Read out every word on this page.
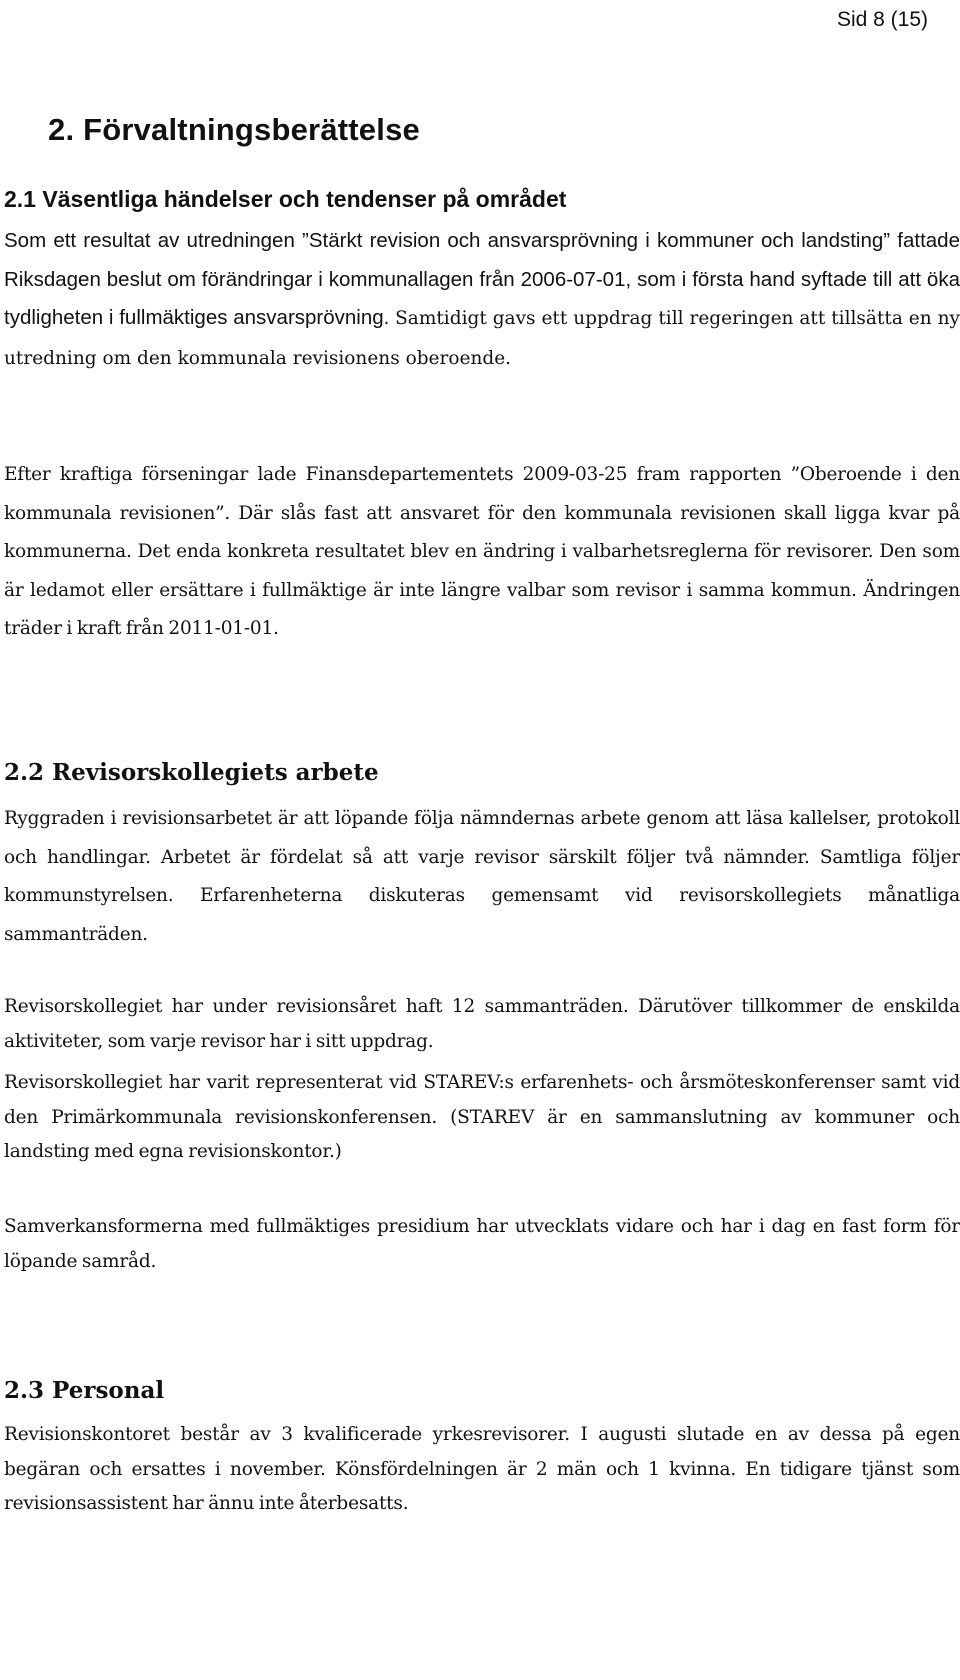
Sid 8 (15)
2. Förvaltningsberättelse
2.1 Väsentliga händelser och tendenser på området

Som ett resultat av utredningen ”Stärkt revision och ansvarsprövning i kommuner och landsting” fattade Riksdagen beslut om förändringar i kommunallagen från 2006-07-01, som i första hand syftade till att öka tydligheten i fullmäktiges ansvarsprövning. Samtidigt gavs ett uppdrag till regeringen att tillsätta en ny utredning om den kommunala revisionens oberoende.

Efter kraftiga förseningar lade Finansdepartementets 2009-03-25 fram rapporten ”Oberoende i den kommunala revisionen”. Där slås fast att ansvaret för den kommunala revisionen skall ligga kvar på kommunerna. Det enda konkreta resultatet blev en ändring i valbarhetsreglerna för revisorer. Den som är ledamot eller ersättare i fullmäktige är inte längre valbar som revisor i samma kommun. Ändringen träder i kraft från 2011-01-01.

2.2 Revisorskollegiets arbete

Ryggraden i revisionsarbetet är att löpande följa nämndernas arbete genom att läsa kallelser, protokoll och handlingar. Arbetet är fördelat så att varje revisor särskilt följer två nämnder. Samtliga följer kommunstyrelsen. Erfarenheterna diskuteras gemensamt vid revisorskollegiets månatliga sammanträden.

Revisorskollegiet har under revisionsåret haft 12 sammanträden. Därutöver tillkommer de enskilda aktiviteter, som varje revisor har i sitt uppdrag.

Revisorskollegiet har varit representerat vid STAREV:s erfarenhets- och årsmöteskonferenser samt vid den Primärkommunala revisionskonferensen. (STAREV är en sammanslutning av kommuner och landsting med egna revisionskontor.)

Samverkansformerna med fullmäktiges presidium har utvecklats vidare och har i dag en fast form för löpande samråd.

2.3 Personal

Revisionskontoret består av 3 kvalificerade yrkesrevisorer. I augusti slutade en av dessa på egen begäran och ersattes i november. Könsfördelningen är 2 män och 1 kvinna. En tidigare tjänst som revisionsassistent har ännu inte återbesatts.
